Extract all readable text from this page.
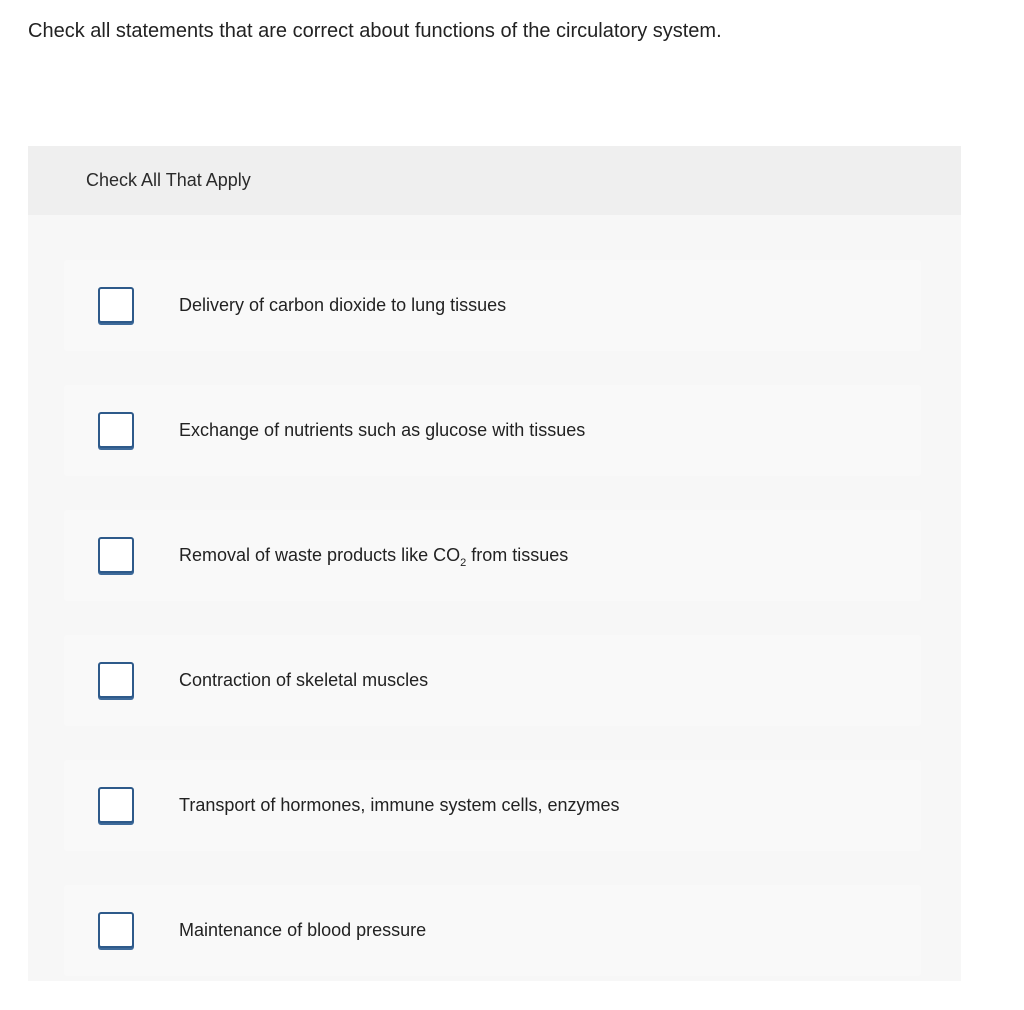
Check all statements that are correct about functions of the circulatory system.

Check All That Apply
Delivery of carbon dioxide to lung tissues
Exchange of nutrients such as glucose with tissues
Removal of waste products like $CO_2$ from tissues
Contraction of skeletal muscles
Transport of hormones, immune system cells, enzymes
Maintenance of blood pressure
